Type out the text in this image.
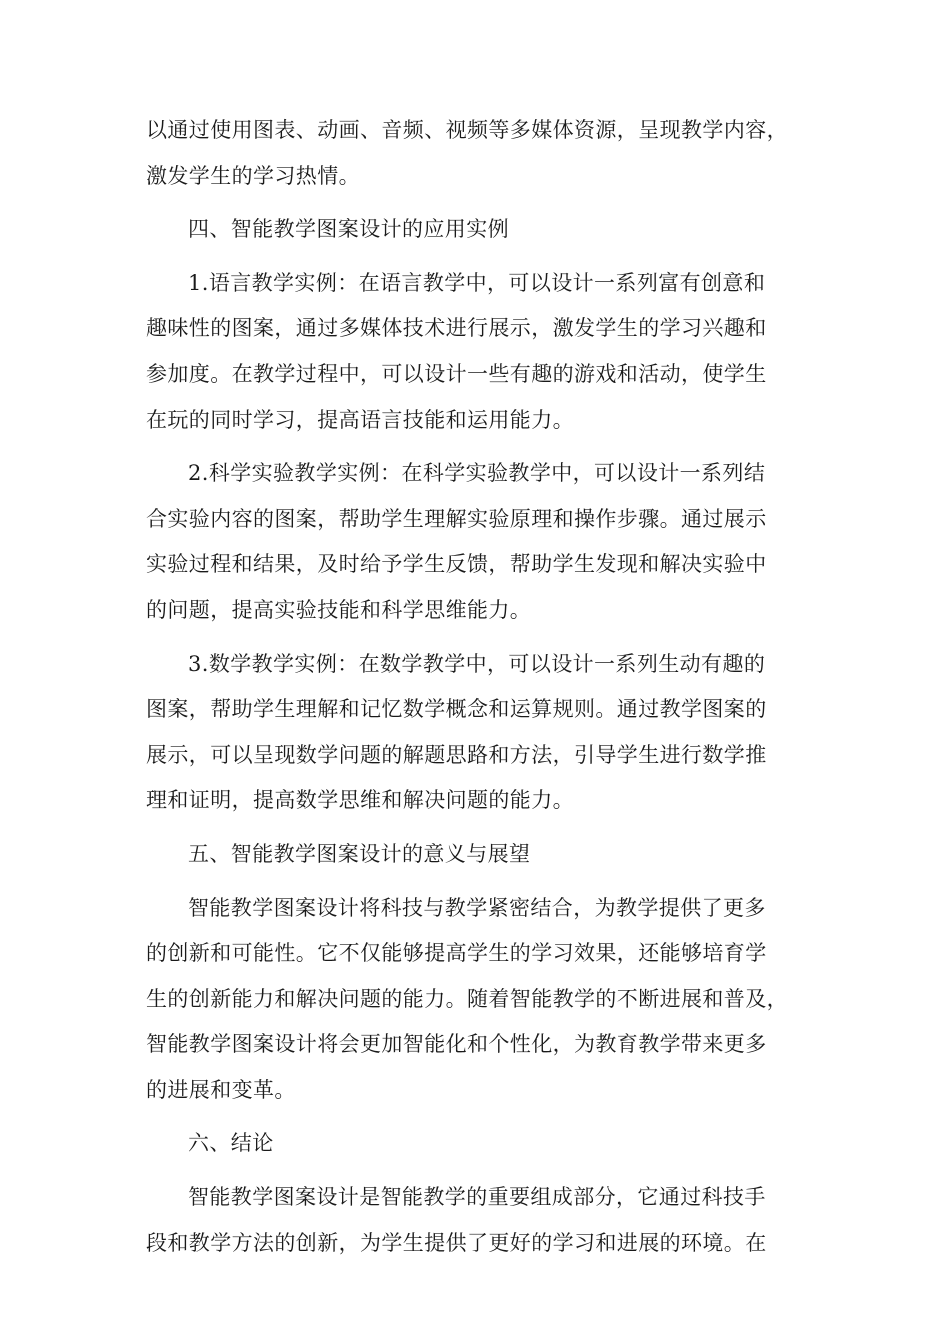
以通过使用图表、动画、音频、视频等多媒体资源，呈现教学内容，
激发学生的学习热情。

四、智能教学图案设计的应用实例

1.语言教学实例：在语言教学中，可以设计一系列富有创意和
趣味性的图案，通过多媒体技术进行展示，激发学生的学习兴趣和
参加度。在教学过程中，可以设计一些有趣的游戏和活动，使学生
在玩的同时学习，提高语言技能和运用能力。

2.科学实验教学实例：在科学实验教学中，可以设计一系列结
合实验内容的图案，帮助学生理解实验原理和操作步骤。通过展示
实验过程和结果，及时给予学生反馈，帮助学生发现和解决实验中
的问题，提高实验技能和科学思维能力。

3.数学教学实例：在数学教学中，可以设计一系列生动有趣的
图案，帮助学生理解和记忆数学概念和运算规则。通过教学图案的
展示，可以呈现数学问题的解题思路和方法，引导学生进行数学推
理和证明，提高数学思维和解决问题的能力。

五、智能教学图案设计的意义与展望

智能教学图案设计将科技与教学紧密结合，为教学提供了更多
的创新和可能性。它不仅能够提高学生的学习效果，还能够培育学
生的创新能力和解决问题的能力。随着智能教学的不断进展和普及，
智能教学图案设计将会更加智能化和个性化，为教育教学带来更多
的进展和变革。

六、结论

智能教学图案设计是智能教学的重要组成部分，它通过科技手
段和教学方法的创新，为学生提供了更好的学习和进展的环境。在
